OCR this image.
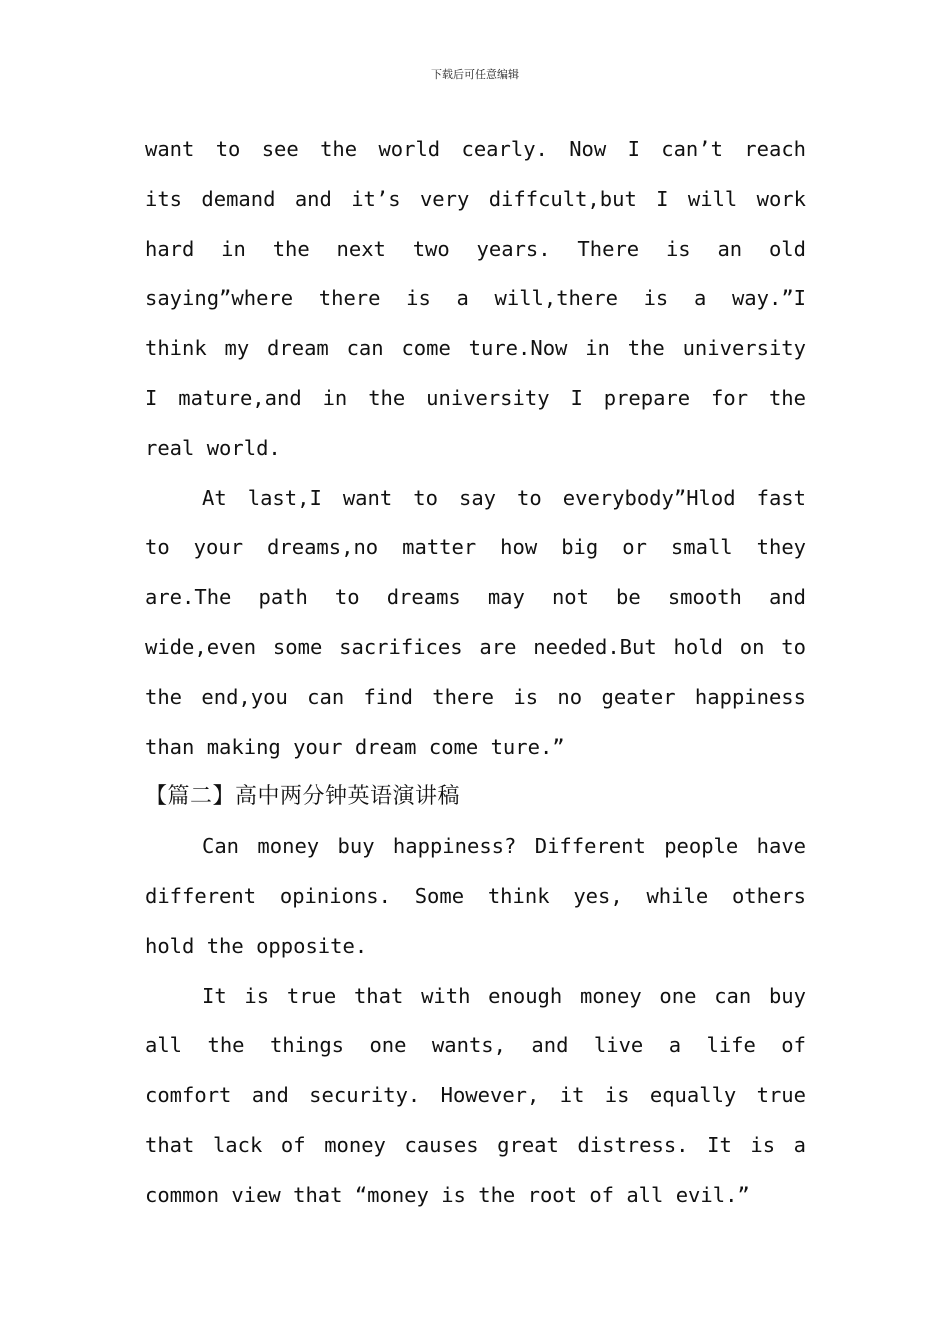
下载后可任意编辑
want to see the world cearly. Now I can’t reach
its demand and it’s very diffcult,but I will work
hard in the next two years. There is an old
saying”where there is a will,there is a way.”I
think my dream can come ture.Now in the university
I mature,and in the university I prepare for the
real world.
At last,I want to say to everybody”Hlod fast
to your dreams,no matter how big or small they
are.The path to dreams may not be smooth and
wide,even some sacrifices are needed.But hold on to
the end,you can find there is no geater happiness
than making your dream come ture.”
【篇二】高中两分钟英语演讲稿
Can money buy happiness? Different people have
different opinions. Some think yes, while others
hold the opposite.
It is true that with enough money one can buy
all the things one wants, and live a life of
comfort and security. However, it is equally true
that lack of money causes great distress. It is a
common view that “money is the root of all evil.”
